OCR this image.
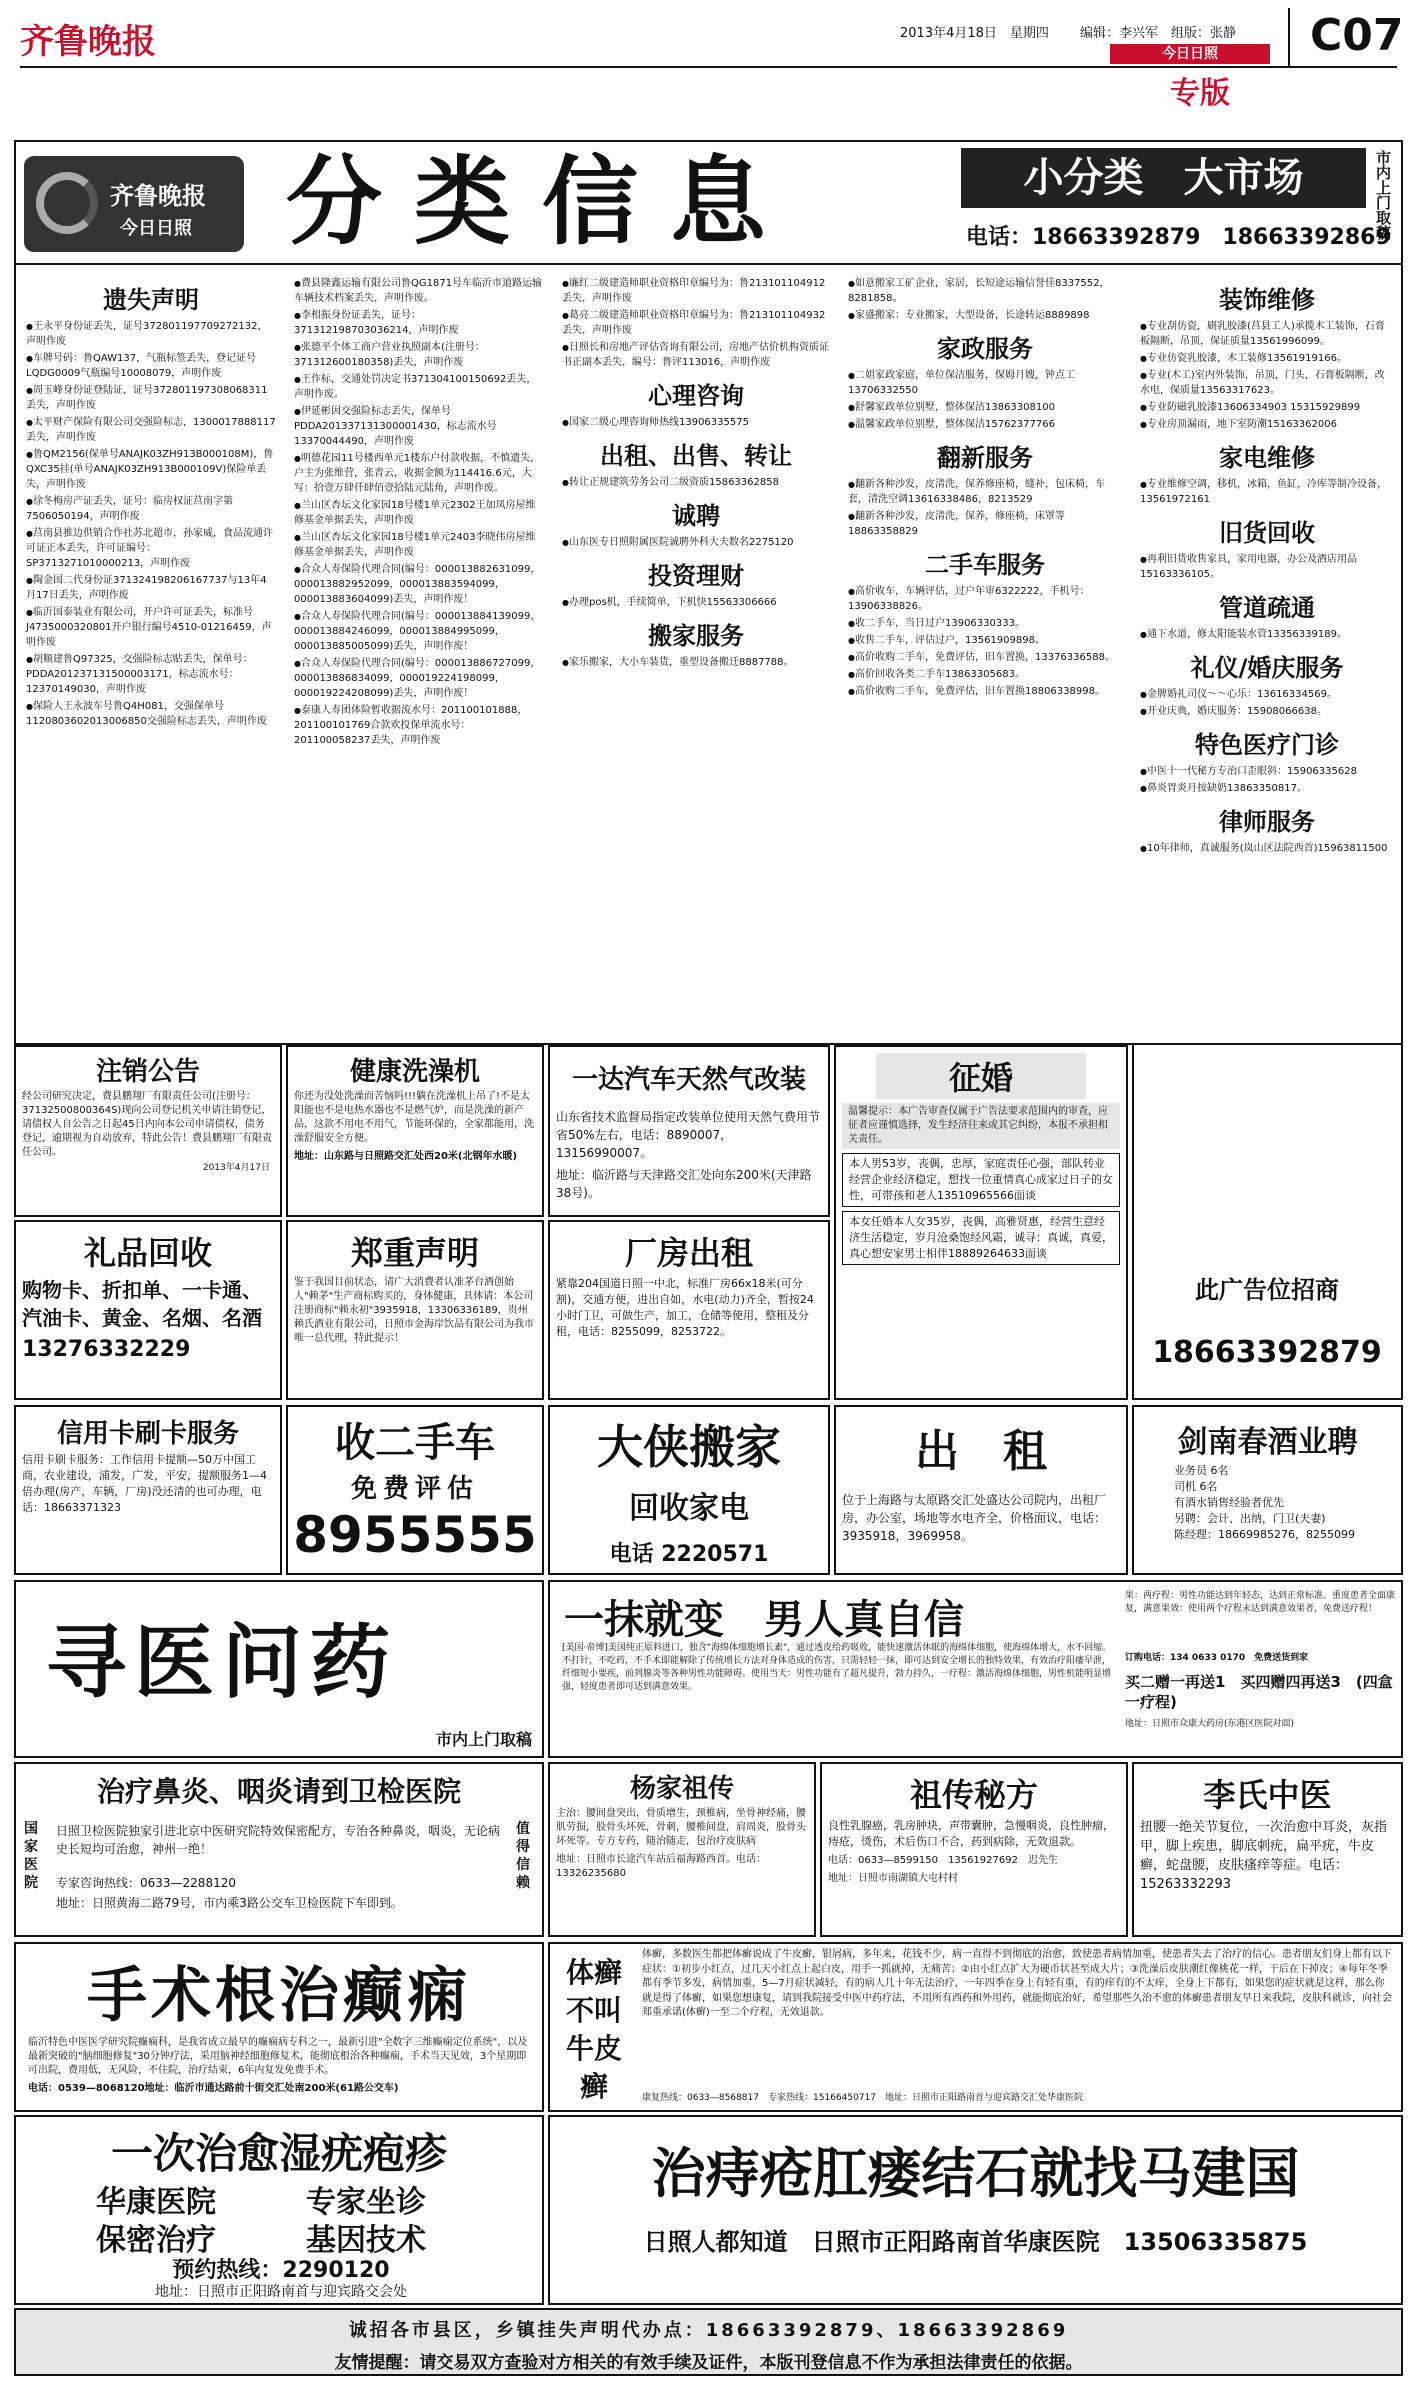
齐鲁晚报	2013年4月18日　星期四 编辑：李兴军　组版：张静
今日日照
专版
C07
齐鲁晚报
今日日照 分类信息	小分类　大市场
电话：18663392879　18663392869
市内上门取稿
遗失声明
● 王永平身份证丢失，证号372801197709272132，声明作废
● 车牌号码：鲁QAW137，气瓶标签丢失，登记证号LQDG0009气瓶编号10008079，声明作废
● 周玉峰身份证登陆证，证号372801197308068311丢失，声明作废
● 太平财产保险有限公司交强险标志，1300017888117丢失，声明作废
● 鲁QM2156(保单号ANAJK03ZH913B000108M)，鲁QXC35挂(单号ANAJK03ZH913B000109V)保险单丢失，声明作废
● 徐冬梅房产证丢失，证号：临房权证莒南字第7506050194，声明作废
● 莒南县推边供销合作社苏北超市，孙家威，食品流通许可证正本丢失，许可证编号：SP3713271010000213，声明作废
● 陶金国二代身份证371324198206167737与13年4月17日丢失，声明作废
● 临沂国泰装业有限公司，开户许可证丢失，标准号J4735000320801开户银行编号4510-01216459，声明作废
● 胡顺建鲁Q97325，交强险标志贴丢失，保单号：PDDA201237131500003171，标志流水号：12370149030，声明作废
● 保险人王永波车号鲁Q4H081，交强保单号1120803602013006850交强险标志丢失，声明作废
● 费县隆鑫运输有限公司鲁QG1871号车临沂市道路运输车辆技术档案丢失，声明作废。
● 李相振身份证丢失，证号：371312198703036214，声明作废
● 张德平个体工商户营业执照副本(注册号：371312600180358)丢失，声明作废
● 王作标，交通处罚决定书371304100150692丢失，声明作废。
● 伊延彬因交强险标志丢失，保单号PDDA201337131300001430，标志流水号13370044490，声明作废
● 明德花园11号楼西单元1楼东户付款收据，不慎遗失，户主为张维营，张青云，收据金额为114416.6元，大写：拾壹万肆仟肆佰壹拾陆元陆角，声明作废。
● 兰山区杏坛文化家园18号楼1单元2302王加凤房屋维修基金单据丢失，声明作废
● 兰山区杏坛文化家园18号楼1单元2403李晓伟房屋维修基金单据丢失，声明作废
● 合众人寿保险代理合同(编号：000013882631099，000013882952099，000013883594099，000013883604099)丢失，声明作废！
● 合众人寿保险代理合同(编号：000013884139099，000013884246099，000013884995099，000013885005099)丢失，声明作废！
● 合众人寿保险代理合同(编号：000013886727099，000013886834099，000019224198099，000019224208099)丢失，声明作废！
● 泰康人寿团体险暂收据流水号：201100101888，201100101769合款欢投保单流水号：201100058237丢失，声明作废
● 廉红二级建造师职业资格印章编号为：鲁213101104912丢失，声明作废
● 葛亮二级建造师职业资格印章编号为：鲁213101104932丢失，声明作废
● 日照长和房地产评估咨询有限公司，房地产估价机构资质证书正副本丢失，编号：鲁评113016，声明作废
心理咨询
● 国家二级心理咨询师热线13906335575
出租、出售、转让
● 转让正规建筑劳务公司二级资质15863362858
诚聘
● 山东医专日照附属医院诚聘外科大夫数名2275120
投资理财
● 办理pos机，手续简单，下机快15563306666
搬家服务
● 家乐搬家，大小车装货，重型设备搬迁8887788。
● 如意搬家工矿企业，家居，长短途运输信誉佳8337552，8281858。
● 家盛搬家：专业搬家，大型设备，长途转运8889898
家政服务
● 二姐家政家庭，单位保洁服务，保姆月嫂，钟点工13706332550
● 舒馨家政单位别墅，整体保洁13863308100
● 温馨家政单位别墅，整体保洁15762377766
翻新服务
● 翻新各种沙发，皮清洗，保养修座椅，缝补，包床椅，车套，清洗空调13616338486，8213529
● 翻新各种沙发，皮清洗，保养，修座椅，床罩等18863358829
二手车服务
● 高价收车，车辆评估，过户年审6322222，手机号：13906338826。
● 收二手车，当日过户13906330333。
● 收售二手车，评估过户，13561909898。
● 高价收购二手车，免费评估，旧车置换，13376336588。
● 高价回收各类二手车13863305683。
● 高价收购二手车，免费评估，旧车置换18806338998。
装饰维修
● 专业刮仿瓷，刷乳胶漆(莒县工人)承揽木工装饰，石膏板隔断，吊顶，保证质量13561996099。
● 专业仿瓷乳胶漆，木工装修13561919166。
● 专业(木工)室内外装饰，吊顶，门头，石膏板隔断，改水电，保质量13563317623。
● 专业防磁乳胶漆13606334903 15315929899
● 专业房顶漏雨，地下室防潮15163362006
家电维修
● 专业维修空调，移机，冰箱，鱼缸，冷库等制冷设备，13561972161
旧货回收
● 再利旧货收售家具，家用电器，办公及酒店用品15163336105。
管道疏通
● 通下水道，修太阳能装水管13356339189。
礼仪/婚庆服务
● 金牌婚礼司仪～～心乐：13616334569。
● 开业庆典，婚庆服务：15908066638。
特色医疗门诊
● 中医十一代秘方专治口歪眼斜：15906335628
● 鼻炎胃炎月按缺奶13863350817。
律师服务
● 10年律师，真诚服务(岚山区法院西首)15963811500
注销公告
经公司研究决定，费县鹏翔厂有限责任公司(注册号：37132500800364S)现向公司登记机关申请注销登记，请债权人自公告之日起45日内向本公司申请债权，债务登记，逾期视为自动放弃，特此公告！费县鹏翔厂有限责任公司。
2013年4月17日
健康洗澡机
你还为没处洗澡而苦恼吗!!!躺在洗澡机上吊了!不是太阳能也不是电热水器也不是燃气炉，而是洗澡的新产品，这款不用电不用气，节能环保的，全家都能用，洗澡舒服安全方便。
地址：山东路与日照路交汇处西20米(北钢年水暖)
一达汽车天然气改装
山东省技术监督局指定改装单位使用天然气费用节省50%左右，电话：8890007，13156990007。
地址：临沂路与天津路交汇处向东200米(天津路38号)。
征婚
温馨提示：本广告审查仅属于广告法要求范围内的审查，应征者应谨慎选择，发生经济往来或其它纠纷，本报不承担相关责任。
本人男53岁，丧偶，忠厚，家庭责任心强，部队转业经营企业经济稳定，想找一位重情真心成家过日子的女性，可带孩和老人13510965566面谈
本女任婚本人女35岁，丧偶，高雅贤惠，经营生意经济生活稳定，岁月沧桑饱经风霜，诚寻：真诚，真爱，真心想安家男士相伴18889264633面谈
礼品回收
购物卡、折扣单、一卡通、汽油卡、黄金、名烟、名酒
13276332229
郑重声明
鉴于我国目前状态，请广大消费者认准茅台酒创始人"赖茅"生产商标购买的，身体健康，具体请：本公司注册商标"赖永初"3935918，13306336189，贵州赖氏酒业有限公司，日照市金海岸饮品有限公司为我市唯一总代理，特此提示！
厂房出租
紧靠204国道日照一中北，标准厂房66x18米(可分割)，交通方便，进出自如，水电(动力)齐全，暂按24小时门卫，可做生产，加工，仓储等使用，整租及分租，电话：8255099，8253722。
此广告位招商
18663392879
信用卡刷卡服务
信用卡刷卡服务：工作信用卡提额—50万中国工商，农业建设，浦发，广发，平安，提额服务1—4倍办理(房产，车辆，厂房)没还清的也可办理，电话：18663371323
收二手车
免费评估
8955555
大侠搬家
回收家电
电话 2220571
出　租
位于上海路与太原路交汇处盛达公司院内，出租厂房，办公室，场地等水电齐全，价格面议，电话：3935918，3969958。
剑南春酒业聘
业务员 6名
司机 6名
有酒水销售经验者优先
另聘：会计、出纳，门卫(夫妻)
陈经理：18669985276，8255099
寻医问药
市内上门取稿
一抹就变　男人真自信
[美国·帝博]美国纯正原料进口，独含"海绵体细胞增长素"，通过透皮给药吸收，能快速激活休眠的海绵体细胞，使海绵体增大，水不回缩。不打针，不吃药，不手术即能解除了传统增长方法对身体造成的伤害，只需轻轻一抹，即可达到安全增长的独特效果，有效治疗阳痿早泄，纤细短小要疾，前列腺炎等各种男性功能障碍。使用当天：男性功能有了超凡提升，勃力持久，一疗程：激活海绵体细胞，男性机能明显增强，轻度患者即可达到满意效果。
果：两疗程：男性功能达到年轻态，达到正常标准。重度患者全面康复，满意果效：使用两个疗程未达到满意效果者，免费送疗程！
订购电话：134 0633 0170　免费送货到家
买二赠一再送1　买四赠四再送3　(四盒一疗程)
地址：日照市众康大药房(东港区医院对面)
治疗鼻炎、咽炎请到卫检医院
国家医院
值得信赖
日照卫检医院独家引进北京中医研究院特效保密配方，专治各种鼻炎，咽炎，无论病史长短均可治愈，神州一绝！
专家咨询热线：0633—2288120
地址：日照黄海二路79号，市内乘3路公交车卫检医院下车即到。
杨家祖传
主治：腰间盘突出，骨质增生，颈椎病，坐骨神经痛，腰肌劳损，股骨头坏死，骨刺，腰椎间盘，肩周炎，股骨头坏死等。专方专药，随治随走，包治疗皮肤病
地址：日照市长途汽车站后福海路西首。电话：13326235680
祖传秘方
良性乳腺癌，乳房肿块，声带囊肿，急慢咽炎，良性肿瘤，痔疮，烫伤，术后伤口不合，药到病除，无效退款。
电话：0633—8599150　13561927692　迟先生
地址：日照市南湖镇大屯村村
李氏中医
扭腰一绝关节复位，一次治愈中耳炎，灰指甲，脚上疾患，脚底刺疣，扁平疣，牛皮癣，蛇盘腰，皮肤瘙痒等症。电话：15263332293
手术根治癫痫
临沂特色中医医学研究院癫痫科，是我省成立最早的癫痫病专科之一，最新引进"全数字三维癫痫定位系统"，以及最新突破的"脑细胞修复"30分钟疗法，采用脑神经细胞修复术，能彻底根治各种癫痫，手术当天见效，3个星期即可出院，费用低，无风险，不住院，治疗结束，6年内复发免费手术。
电话：0539—8068120地址：临沂市通达路前十街交汇处南200米(61路公交车)
体癣不叫牛皮癣
体癣，多数医生都把体癣说成了牛皮癣，银屑病，多年来，花钱不少，病一直得不到彻底的治愈，致使患者病情加重，使患者失去了治疗的信心。患者朋友们身上都有以下症状：①初步小红点，过几天小红点上起白皮，用手一抓就掉，无痛苦；②由小红点扩大为硬币状甚至成大片；③洗澡后皮肤潮红像桃花一样，干后在下掉皮；④每年冬季都有季节多发，病情加重，5—7月症状减轻，有的病人几十年无法治疗，一年四季在身上有轻有重，有的痒有的不太痒，全身上下都有，如果您的症状就是这样，那么你就是得了体癣，如果您想康复，请到我院接受中医中药疗法，不用所有西药和外用药，就能彻底治好，希望那些久治不愈的体癣患者朋友早日来我院，皮肤科就诊，向社会郑重承诺(体癣)一至二个疗程，无效退款。
康复热线：0633—8568817　专家热线：15166450717　地址：日照市正阳路南首与迎宾路交汇处华康医院
一次治愈湿疣疱疹
华康医院	专家坐诊
保密治疗	基因技术
预约热线：2290120
地址：日照市正阳路南首与迎宾路交会处
治痔疮肛瘘结石就找马建国
日照人都知道　日照市正阳路南首华康医院　13506335875
诚招各市县区，乡镇挂失声明代办点：18663392879、18663392869
友情提醒：请交易双方查验对方相关的有效手续及证件，本版刊登信息不作为承担法律责任的依据。
